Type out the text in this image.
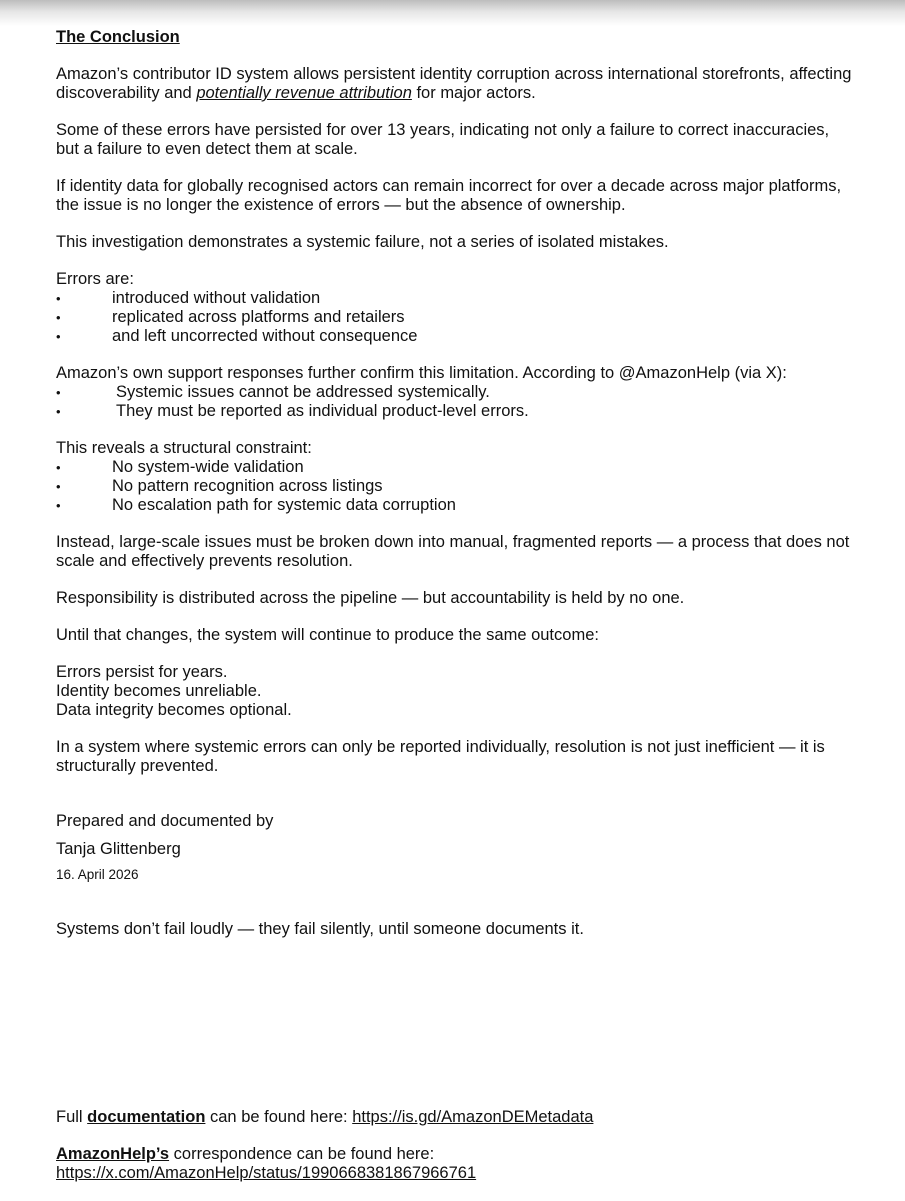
The Conclusion

Amazon’s contributor ID system allows persistent identity corruption across international storefronts, affecting discoverability and potentially revenue attribution for major actors.

Some of these errors have persisted for over 13 years, indicating not only a failure to correct inaccuracies, but a failure to even detect them at scale.

If identity data for globally recognised actors can remain incorrect for over a decade across major platforms, the issue is no longer the existence of errors — but the absence of ownership.

This investigation demonstrates a systemic failure, not a series of isolated mistakes.

Errors are:
• introduced without validation
• replicated across platforms and retailers
• and left uncorrected without consequence
Amazon’s own support responses further confirm this limitation. According to @AmazonHelp (via X):
• Systemic issues cannot be addressed systemically.
• They must be reported as individual product-level errors.
This reveals a structural constraint:
• No system-wide validation
• No pattern recognition across listings
• No escalation path for systemic data corruption

Instead, large-scale issues must be broken down into manual, fragmented reports — a process that does not scale and effectively prevents resolution.

Responsibility is distributed across the pipeline — but accountability is held by no one.

Until that changes, the system will continue to produce the same outcome:

Errors persist for years.
Identity becomes unreliable.
Data integrity becomes optional.

In a system where systemic errors can only be reported individually, resolution is not just inefficient — it is structurally prevented.

Prepared and documented by
Tanja Glittenberg
16. April 2026
Systems don’t fail loudly — they fail silently, until someone documents it.

Full documentation can be found here: https://is.gd/AmazonDEMetadata

AmazonHelp’s correspondence can be found here: https://x.com/AmazonHelp/status/1990668381867966761
